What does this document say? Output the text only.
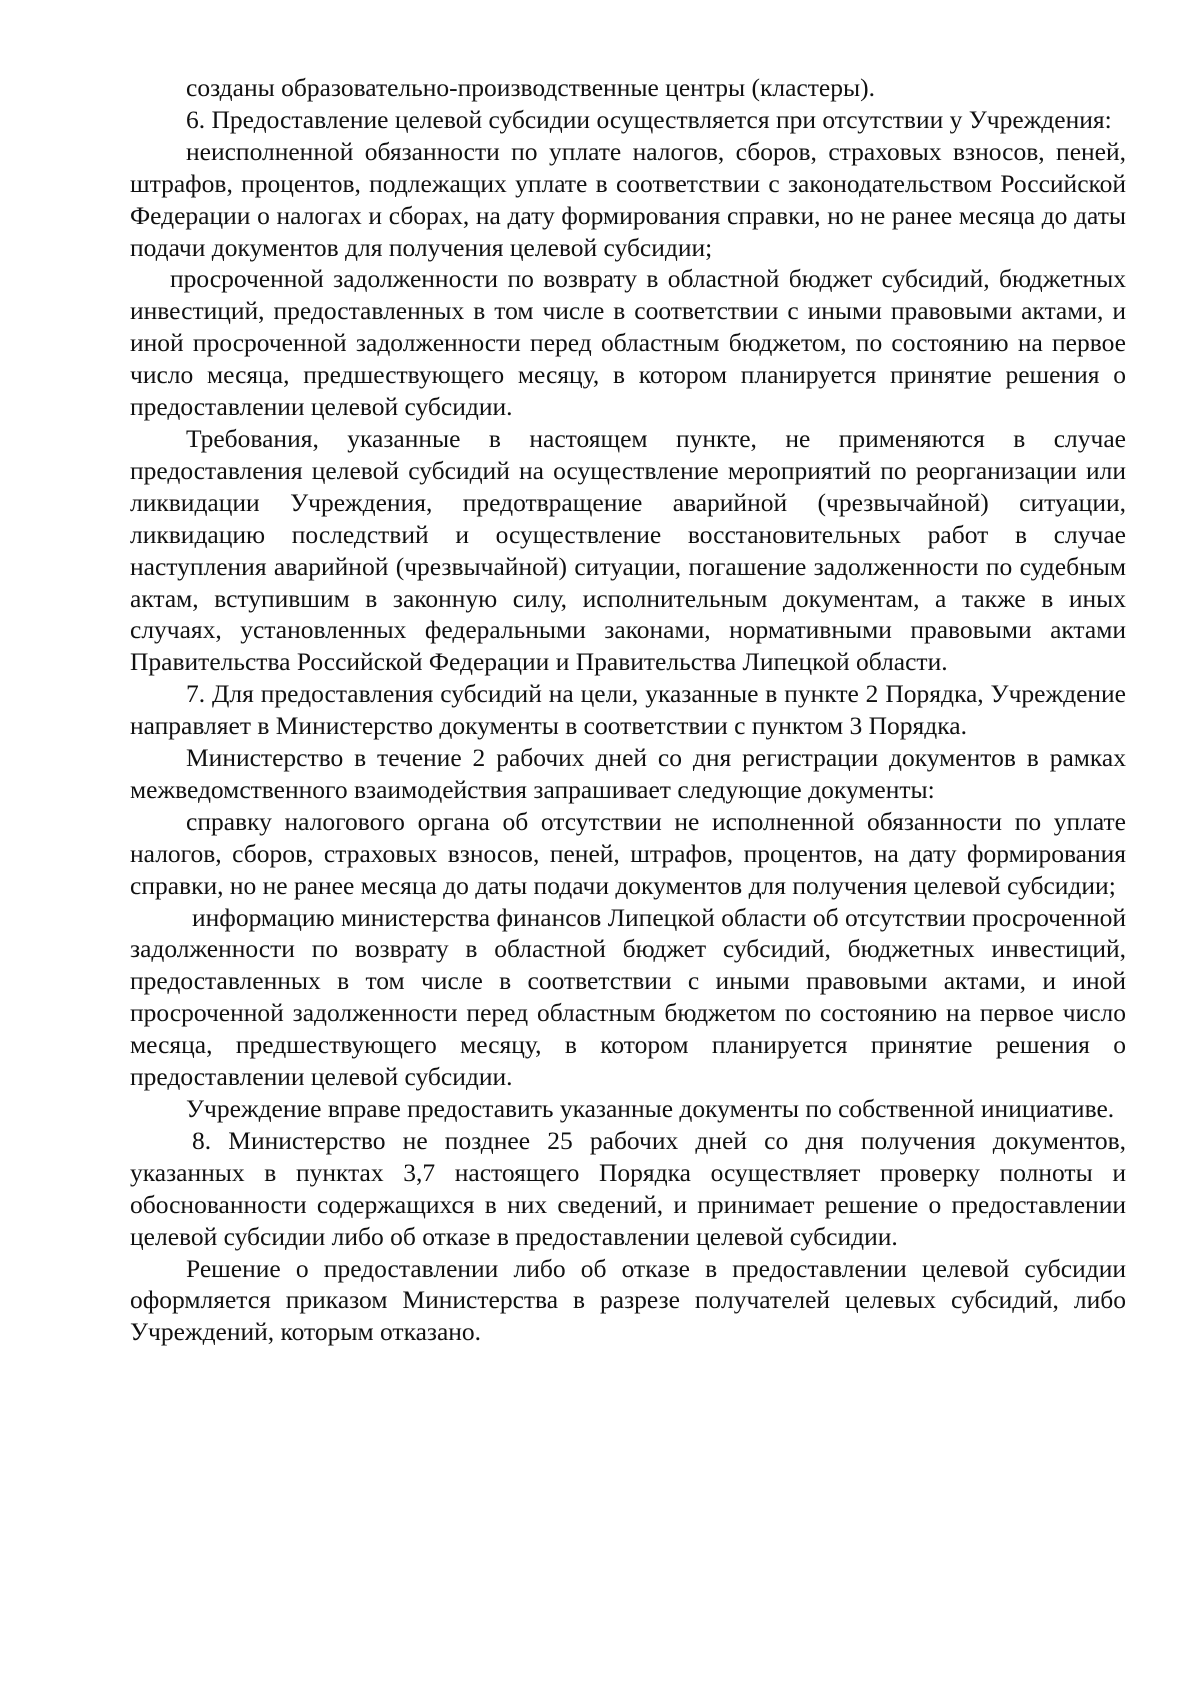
созданы образовательно-производственные центры (кластеры).

6. Предоставление целевой субсидии осуществляется при отсутствии у Учреждения:

неисполненной обязанности по уплате налогов, сборов, страховых взносов, пеней, штрафов, процентов, подлежащих уплате в соответствии с законодательством Российской Федерации о налогах и сборах, на дату формирования справки, но не ранее месяца до даты подачи документов для получения целевой субсидии;

просроченной задолженности по возврату в областной бюджет субсидий, бюджетных инвестиций, предоставленных в том числе в соответствии с иными правовыми актами, и иной просроченной задолженности перед областным бюджетом, по состоянию на первое число месяца, предшествующего месяцу, в котором планируется принятие решения о предоставлении целевой субсидии.

Требования, указанные в настоящем пункте, не применяются в случае предоставления целевой субсидий на осуществление мероприятий по реорганизации или ликвидации Учреждения, предотвращение аварийной (чрезвычайной) ситуации, ликвидацию последствий и осуществление восстановительных работ в случае наступления аварийной (чрезвычайной) ситуации, погашение задолженности по судебным актам, вступившим в законную силу, исполнительным документам, а также в иных случаях, установленных федеральными законами, нормативными правовыми актами Правительства Российской Федерации и Правительства Липецкой области.

7. Для предоставления субсидий на цели, указанные в пункте 2 Порядка, Учреждение направляет в Министерство документы в соответствии с пунктом 3 Порядка.

Министерство в течение 2 рабочих дней со дня регистрации документов в рамках межведомственного взаимодействия запрашивает следующие документы:

справку налогового органа об отсутствии не исполненной обязанности по уплате налогов, сборов, страховых взносов, пеней, штрафов, процентов, на дату формирования справки, но не ранее месяца до даты подачи документов для получения целевой субсидии;

информацию министерства финансов Липецкой области об отсутствии просроченной задолженности по возврату в областной бюджет субсидий, бюджетных инвестиций, предоставленных в том числе в соответствии с иными правовыми актами, и иной просроченной задолженности перед областным бюджетом по состоянию на первое число месяца, предшествующего месяцу, в котором планируется принятие решения о предоставлении целевой субсидии.

Учреждение вправе предоставить указанные документы по собственной инициативе.

8. Министерство не позднее 25 рабочих дней со дня получения документов, указанных в пунктах 3,7 настоящего Порядка осуществляет проверку полноты и обоснованности содержащихся в них сведений, и принимает решение о предоставлении целевой субсидии либо об отказе в предоставлении целевой субсидии.

Решение о предоставлении либо об отказе в предоставлении целевой субсидии оформляется приказом Министерства в разрезе получателей целевых субсидий, либо Учреждений, которым отказано.
